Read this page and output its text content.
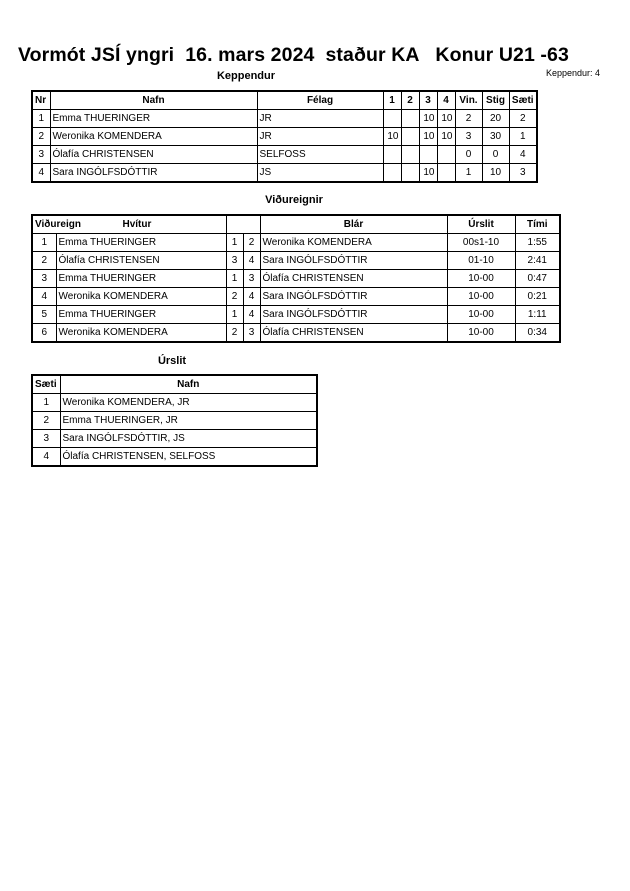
Vormót JSÍ yngri  16. mars 2024  staður KA   Konur U21 -63
Keppendur: 4
Keppendur
Nr	Nafn	Félag	1	2	3	4	Vin.	Stig	Sæti
1	Emma THUERINGER	JR			10	10	2	20	2
2	Weronika KOMENDERA	JR	10		10	10	3	30	1
3	Ólafía CHRISTENSEN	SELFOSS					0	0	4
4	Sara INGÓLFSDÓTTIR	JS			10		1	10	3
Viðureignir
Viðureign Hvítur				Blár	Úrslit	Tími
1	Emma THUERINGER	1	2	Weronika KOMENDERA	00s1-10	1:55
2	Ólafía CHRISTENSEN	3	4	Sara INGÓLFSDÓTTIR	01-10	2:41
3	Emma THUERINGER	1	3	Ólafía CHRISTENSEN	10-00	0:47
4	Weronika KOMENDERA	2	4	Sara INGÓLFSDÓTTIR	10-00	0:21
5	Emma THUERINGER	1	4	Sara INGÓLFSDÓTTIR	10-00	1:11
6	Weronika KOMENDERA	2	3	Ólafía CHRISTENSEN	10-00	0:34
Úrslit
Sæti	Nafn
1	Weronika KOMENDERA, JR
2	Emma THUERINGER, JR
3	Sara INGÓLFSDÓTTIR, JS
4	Ólafía CHRISTENSEN, SELFOSS
